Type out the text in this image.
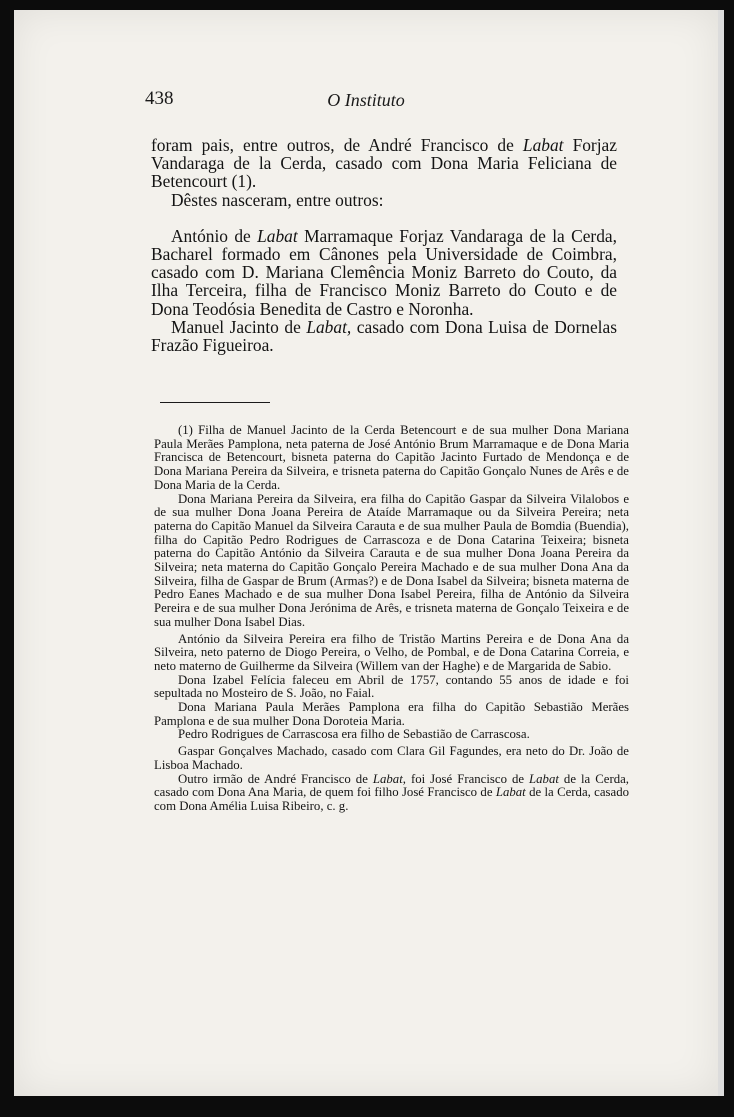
438	O Instituto

foram pais, entre outros, de André Francisco de Labat Forjaz Vandaraga de la Cerda, casado com Dona Maria Feliciana de Betencourt (1).

Dêstes nasceram, entre outros:

António de Labat Marramaque Forjaz Vandaraga de la Cerda, Bacharel formado em Cânones pela Universidade de Coimbra, casado com D. Mariana Clemência Moniz Barreto do Couto, da Ilha Terceira, filha de Francisco Moniz Barreto do Couto e de Dona Teodósia Benedita de Castro e Noronha.

Manuel Jacinto de Labat, casado com Dona Luisa de Dornelas Frazão Figueiroa.

(1) Filha de Manuel Jacinto de la Cerda Betencourt e de sua mulher Dona Mariana Paula Merães Pamplona, neta paterna de José António Brum Marramaque e de Dona Maria Francisca de Betencourt, bisneta paterna do Capitão Jacinto Furtado de Mendonça e de Dona Mariana Pereira da Silveira, e trisneta paterna do Capitão Gonçalo Nunes de Arês e de Dona Maria de la Cerda.

Dona Mariana Pereira da Silveira, era filha do Capitão Gaspar da Silveira Vilalobos e de sua mulher Dona Joana Pereira de Ataíde Marramaque ou da Silveira Pereira; neta paterna do Capitão Manuel da Silveira Carauta e de sua mulher Paula de Bomdia (Buendia), filha do Capitão Pedro Rodrigues de Carrascoza e de Dona Catarina Teixeira; bisneta paterna do Capitão António da Silveira Carauta e de sua mulher Dona Joana Pereira da Silveira; neta materna do Capitão Gonçalo Pereira Machado e de sua mulher Dona Ana da Silveira, filha de Gaspar de Brum (Armas?) e de Dona Isabel da Silveira; bisneta materna de Pedro Eanes Machado e de sua mulher Dona Isabel Pereira, filha de António da Silveira Pereira e de sua mulher Dona Jerónima de Arês, e trisneta materna de Gonçalo Teixeira e de sua mulher Dona Isabel Dias.

António da Silveira Pereira era filho de Tristão Martins Pereira e de Dona Ana da Silveira, neto paterno de Diogo Pereira, o Velho, de Pombal, e de Dona Catarina Correia, e neto materno de Guilherme da Silveira (Willem van der Haghe) e de Margarida de Sabio.

Dona Izabel Felícia faleceu em Abril de 1757, contando 55 anos de idade e foi sepultada no Mosteiro de S. João, no Faial.

Dona Mariana Paula Merães Pamplona era filha do Capitão Sebastião Merães Pamplona e de sua mulher Dona Doroteia Maria.

Pedro Rodrigues de Carrascosa era filho de Sebastião de Carrascosa.

Gaspar Gonçalves Machado, casado com Clara Gil Fagundes, era neto do Dr. João de Lisboa Machado.

Outro irmão de André Francisco de Labat, foi José Francisco de Labat de la Cerda, casado com Dona Ana Maria, de quem foi filho José Francisco de Labat de la Cerda, casado com Dona Amélia Luisa Ribeiro, c. g.
